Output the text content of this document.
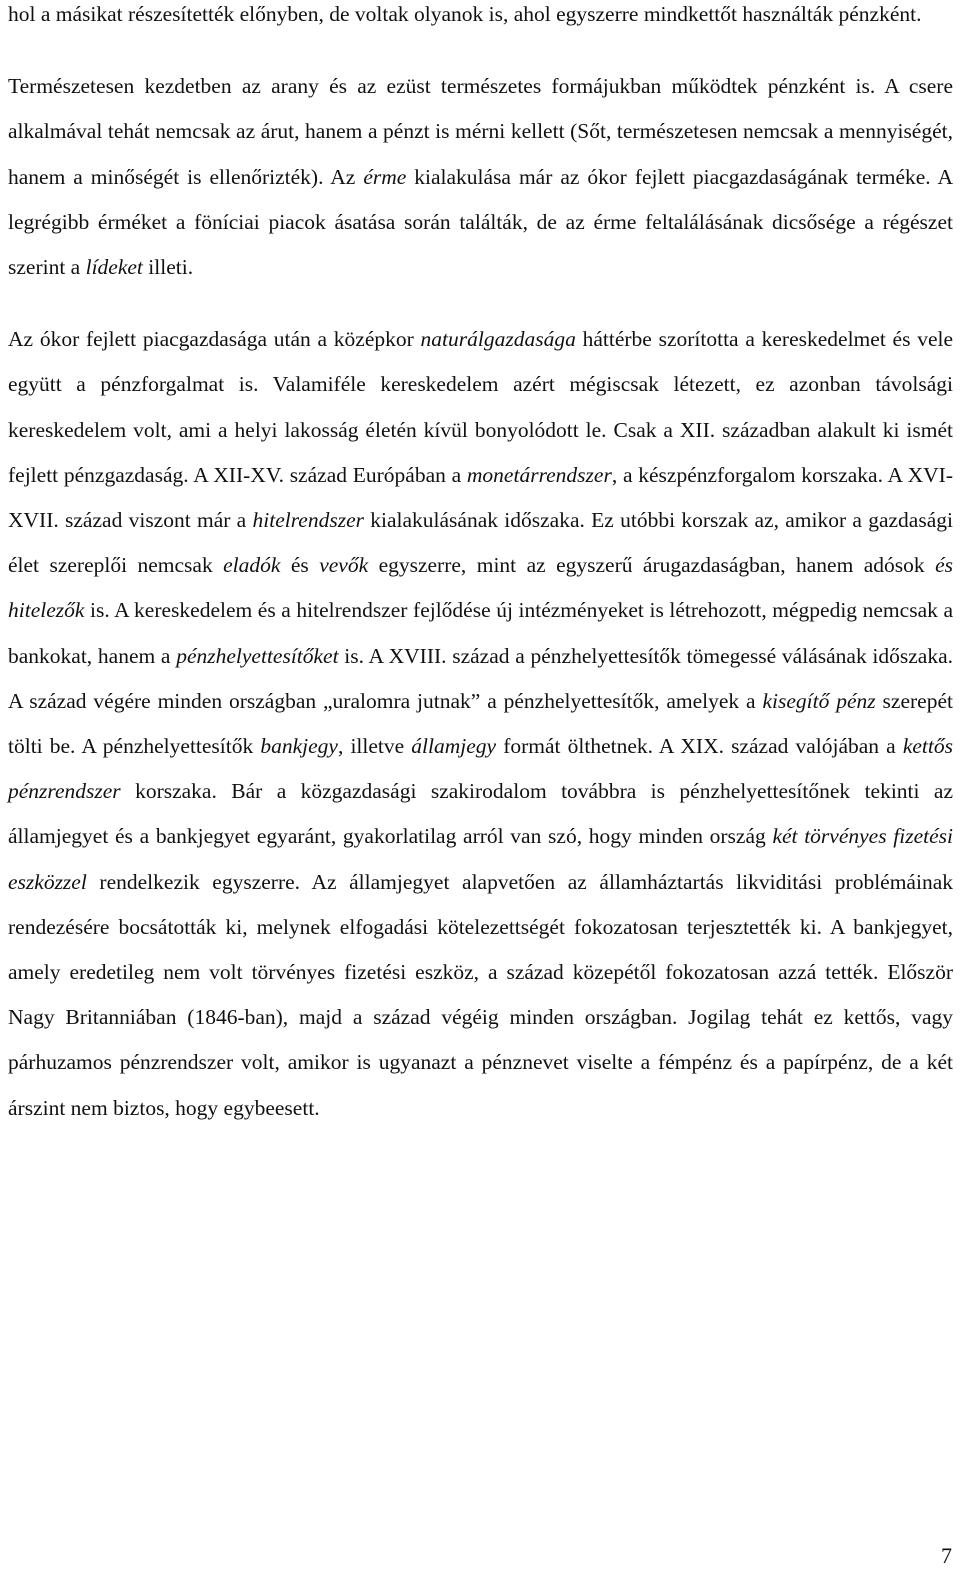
hol a másikat részesítették előnyben, de voltak olyanok is, ahol egyszerre mindkettőt használták pénzként.

Természetesen kezdetben az arany és az ezüst természetes formájukban működtek pénzként is. A csere alkalmával tehát nemcsak az árut, hanem a pénzt is mérni kellett (Sőt, természetesen nemcsak a mennyiségét, hanem a minőségét is ellenőrizték). Az érme kialakulása már az ókor fejlett piacgazdaságának terméke. A legrégibb érméket a föníciai piacok ásatása során találták, de az érme feltalálásának dicsősége a régészet szerint a lídeket illeti.

Az ókor fejlett piacgazdasága után a középkor naturálgazdasága háttérbe szorította a kereskedelmet és vele együtt a pénzforgalmat is. Valamiféle kereskedelem azért mégiscsak létezett, ez azonban távolsági kereskedelem volt, ami a helyi lakosság életén kívül bonyolódott le. Csak a XII. században alakult ki ismét fejlett pénzgazdaság. A XII-XV. század Európában a monetárrendszer, a készpénzforgalom korszaka. A XVI-XVII. század viszont már a hitelrendszer kialakulásának időszaka. Ez utóbbi korszak az, amikor a gazdasági élet szereplői nemcsak eladók és vevők egyszerre, mint az egyszerű árugazdaságban, hanem adósok és hitelezők is. A kereskedelem és a hitelrendszer fejlődése új intézményeket is létrehozott, mégpedig nemcsak a bankokat, hanem a pénzhelyettesítőket is. A XVIII. század a pénzhelyettesítők tömegessé válásának időszaka. A század végére minden országban „uralomra jutnak” a pénzhelyettesítők, amelyek a kisegítő pénz szerepét tölti be. A pénzhelyettesítők bankjegy, illetve államjegy formát ölthetnek. A XIX. század valójában a kettős pénzrendszer korszaka. Bár a közgazdasági szakirodalom továbbra is pénzhelyettesítőnek tekinti az államjegyet és a bankjegyet egyaránt, gyakorlatilag arról van szó, hogy minden ország két törvényes fizetési eszközzel rendelkezik egyszerre. Az államjegyet alapvetően az államháztartás likviditási problémáinak rendezésére bocsátották ki, melynek elfogadási kötelezettségét fokozatosan terjesztették ki. A bankjegyet, amely eredetileg nem volt törvényes fizetési eszköz, a század közepétől fokozatosan azzá tették. Először Nagy Britanniában (1846-ban), majd a század végéig minden országban. Jogilag tehát ez kettős, vagy párhuzamos pénzrendszer volt, amikor is ugyanazt a pénznevet viselte a fémpénz és a papírpénz, de a két árszint nem biztos, hogy egybeesett.

7
